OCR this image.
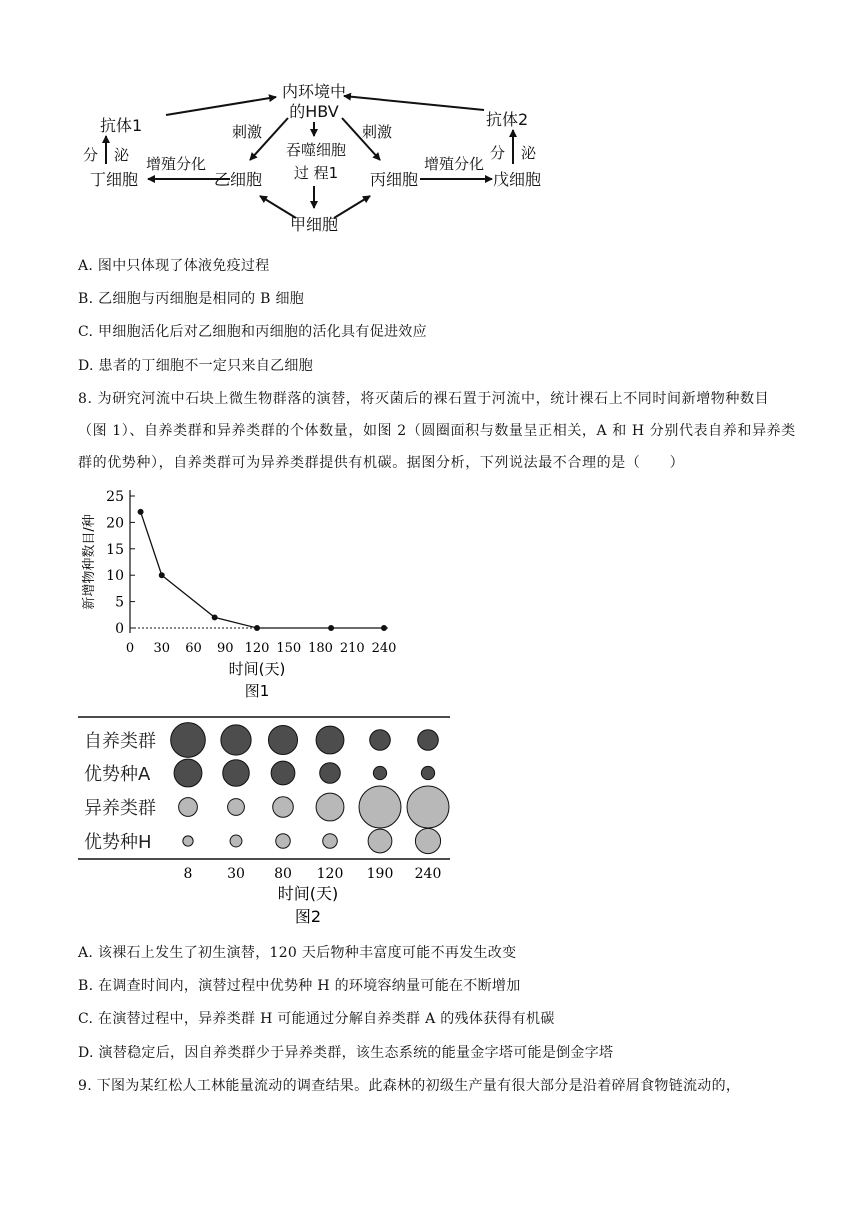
内环境中
的HBV
抗体1	抗体2
分 泌	分 泌
刺激	刺激
吞噬细胞
过 程1
增殖分化	增殖分化
丁细胞	乙细胞	丙细胞	戊细胞
甲细胞
A. 图中只体现了体液免疫过程
B. 乙细胞与丙细胞是相同的 B 细胞
C. 甲细胞活化后对乙细胞和丙细胞的活化具有促进效应
D. 患者的丁细胞不一定只来自乙细胞
8. 为研究河流中石块上微生物群落的演替，将灭菌后的裸石置于河流中，统计裸石上不同时间新增物种数目（图 1）、自养类群和异养类群的个体数量，如图 2（圆圈面积与数量呈正相关，A 和 H 分别代表自养和异养类群的优势种），自养类群可为异养类群提供有机碳。据图分析，下列说法最不合理的是（　　）
0
5
10
15
20
25
0 30 60 90 120 150 180 210 240
新增物种数目/种
时间(天)
图1
自养类群
优势种A
异养类群
优势种H
8 30 80 120 190 240
时间(天)
图2
A. 该裸石上发生了初生演替，120 天后物种丰富度可能不再发生改变
B. 在调查时间内，演替过程中优势种 H 的环境容纳量可能在不断增加
C. 在演替过程中，异养类群 H 可能通过分解自养类群 A 的残体获得有机碳
D. 演替稳定后，因自养类群少于异养类群，该生态系统的能量金字塔可能是倒金字塔
9. 下图为某红松人工林能量流动的调查结果。此森林的初级生产量有很大部分是沿着碎屑食物链流动的，
